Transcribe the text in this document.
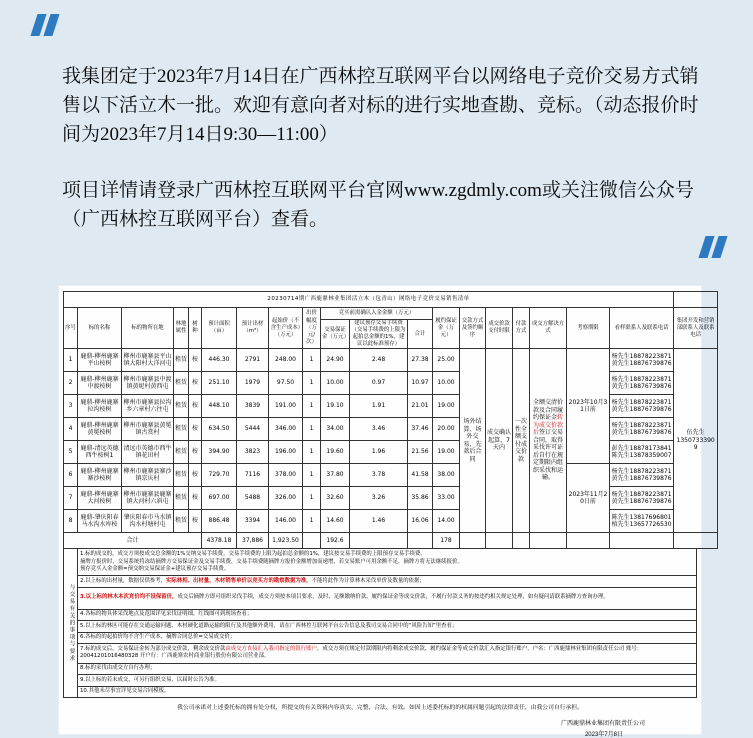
我集团定于2023年7月14日在广西林控互联网平台以网络电子竞价交易方式销售以下活立木一批。欢迎有意向者对标的进行实地查勘、竞标。（动态报价时间为2023年7月14日9:30—11:00）

项目详情请登录广西林控互联网平台官网www.zgdmly.com或关注微信公众号（广西林控互联网平台）查看。

20230714期广西鹿鼎林业集团活立木（包青山）网络电子竞价交易销售清单																			
序号	标的名称	标的物所在地	林地属性	树种	预计面积（亩）	预计出材（m³）	起始价（不含生产成本）（万元）	出价幅度（万元/次）	竞买前需确认入金金额（万元）			履约保证金（万元）	交款方式及签约顺序	成交价款支付时限	付款方式	成交方解决方式	考察期限	看样联系人及联系电话	集团开发和营销部联系人及联系电话
									交易保证金（万元）	建议预存交易手续费（交易手续费的上限为起拍总金额的1%，建议以此标准预存）	合计								
1	鹿鼎-柳州鹿寨平山桉树	柳州市鹿寨县平山镇大阳村大洋河屯	租赁	桉	446.30	2791	248.00	1	24.90	2.48	27.38	25.00	场外结算、场外交易，先款后合同	成交确认起算，7天内	一次性全额支付成交价款	全额交清价款及合同履约保证金转为成交价款后签订交易合同，取得采伐许可证后自行在规定期限内组织采伐和运输。	2023年10月31日前	
杨先生18878223871
黄先生18876739876

伍先生
13507333909

2	鹿鼎-柳州鹿寨中渡桉树	柳州市鹿寨县中渡镇黄坭村黄西屯	租赁	桉	251.10	1979	97.50	1	10.00	0.97	10.97	10.00						杨先生18878223871
黄先生18876739876	

3	鹿鼎-柳州鹿寨拉沟桉树	柳州市鹿寨县拉沟乡六章村六往屯	租赁	桉	448.10	3839	191.00	1	19.10	1.91	21.01	19.00						杨先生18878223871
黄先生18876739876	

4	鹿鼎-柳州鹿寨黄冕桉树	柳州市鹿寨县黄冕镇古赏村	租赁	桉	634.50	5444	346.00	1	34.00	3.46	37.46	20.00						杨先生18878223871
黄先生18876739876	

5	鹿鼎-清远英德西牛桉树1	清远市英德市西牛镇花田村	租赁	桉	394.90	3823	196.00	1	19.60	1.96	21.56	19.00						彭先生18878173841
陈先生13878359007	

6	鹿鼎-柳州鹿寨寨沙桉树	柳州市鹿寨县寨沙镇京庆村	租赁	桉	729.70	7116	378.00	1	37.80	3.78	41.58	38.00					2023年11月20日前	杨先生18878223871
黄先生18876739876	

7	鹿鼎-柳州鹿寨大河桉树	柳州市鹿寨县鹿寨镇大河村六斜屯	租赁	桉	697.00	5488	326.00	1	32.60	3.26	35.86	33.00						杨先生18878223871
黄先生18876739876	

8	鹿鼎-肇庆阳春马水沟水库桉	肇庆阳春市马水镇沟水村塘村屯	租赁	桉	886.48	3394	146.00	1	14.60	1.46	16.06	14.00						陈先生13817696801
植先生13657726530	

合计					4378.18	37,886	1,923.50		192.6			178							
与交易有关的事项与要求	
1.标的成交的，成交方须按成交总金额的1%交纳交易手续费，交易手续费的上限为起拍总金额的1%，建议按交易手续费的上限预存交易手续费。
摘牌方报价时，交易系统将冻结摘牌方交易保证金及交易手续费，交易手续费随摘牌方报价金额增加而递增，若交易账户可用余额不足，摘牌方将无法继续报价。
预存竞买入金金额=预交纳交易保证金+建议预存交易手续费。

2.以上标的出材量，数据仅供参考，实际林相、出材量、木材销售单价以竞买方的勘察数据为准，不能将此作为计算林木采伐单价及数量的依据；
3.以上标的林木本次竞价均不设保留价，成交后摘牌方即可组织采伐手续，成交方须按本项目要求，及时、足额缴纳价款、履约保证金等成交价款，不履行付款义务的按违约相关规定处理，如有疑问请联系摘牌方查询办理。
4.各标的物具体采伐地点及范围详见采伐证明细，红线图可到现场查看；
5.以上标的林区可能存在交通运输问题、木材硬化道路运输的限行及其他额外费用，请在广西林控互联网平台公告信息及我司交易合同中的“风险告知”里查看；
6.各标的的起拍价均不含生产成本，摘牌合同总价=交易成交价；
7.标的成交后，交易保证金转为部分成交价款，剩余成交价款由成交方直接汇入我司指定的银行账户，成交方须在规定付款期限内将剩余成交价款、履约保证金等成交价款汇入指定银行账户，户名：广西鹿鼎林业集团有限责任公司 账号：
20041201016480328 开户行：广西鹿寨农村商业银行股份有限公司营业部。

8.标的采伐由成交方自行办理；
9.以上标的若未成交，可另行组织交易，以届时公告为准。
10.其他未尽事宜详见交易合同模板。
我公司承诺对上述委托标的拥有处分权，所提交的有关资料内容真实、完整、合法、有效。如因上述委托标的的权属问题引起的法律责任，由我公司自行承担。
广西鹿鼎林业集团有限责任公司
2023年7月8日
